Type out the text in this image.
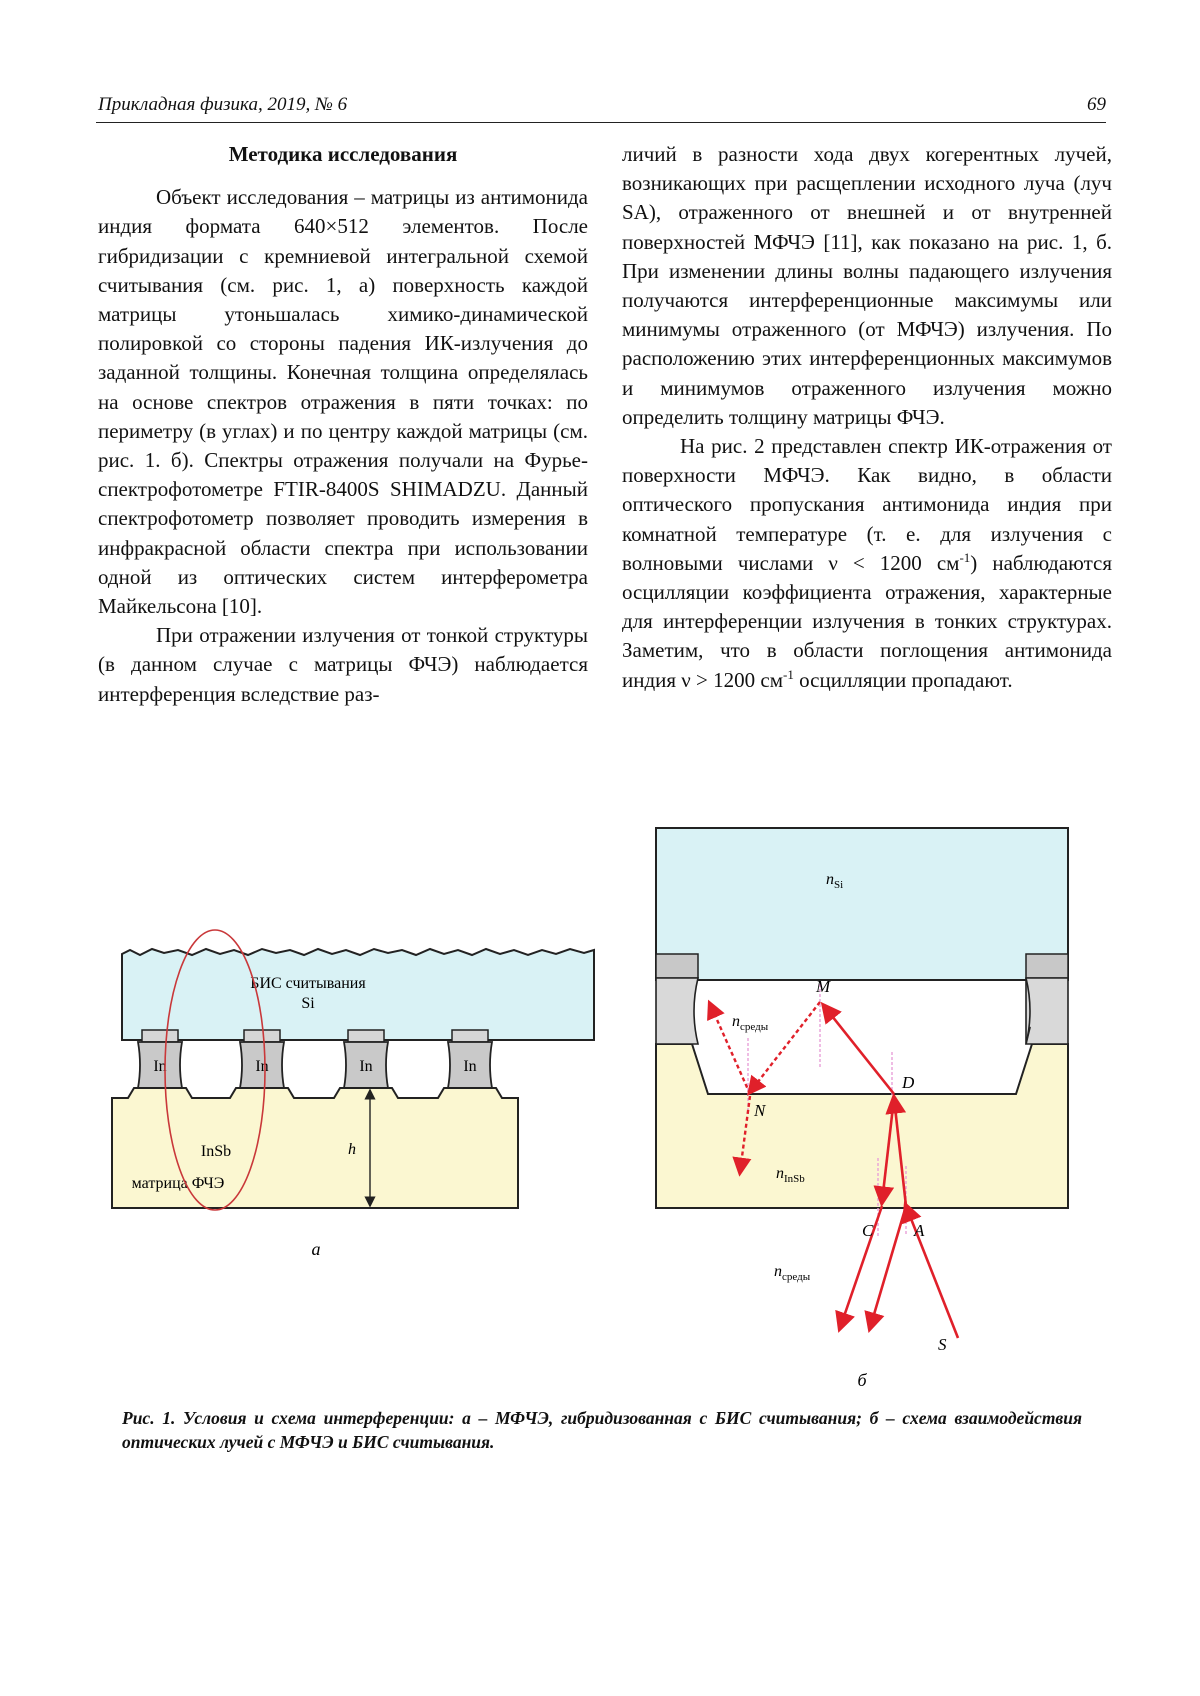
Прикладная физика, 2019, № 6	69
Методика исследования

Объект исследования – матрицы из антимонида индия формата 640×512 элементов. После гибридизации с кремниевой интегральной схемой считывания (см. рис. 1, а) поверхность каждой матрицы утоньшалась химико-динамической полировкой со стороны падения ИК-излучения до заданной толщины. Конечная толщина определялась на основе спектров отражения в пяти точках: по периметру (в углах) и по центру каждой матрицы (см. рис. 1. б). Спектры отражения получали на Фурье-спектрофотометре FTIR-8400S SHIMADZU. Данный спектрофотометр позволяет проводить измерения в инфракрасной области спектра при использовании одной из оптических систем интерферометра Майкельсона [10].

При отражении излучения от тонкой структуры (в данном случае с матрицы ФЧЭ) наблюдается интерференция вследствие раз-

личий в разности хода двух когерентных лучей, возникающих при расщеплении исходного луча (луч SA), отраженного от внешней и от внутренней поверхностей МФЧЭ [11], как показано на рис. 1, б. При изменении длины волны падающего излучения получаются интерференционные максимумы или минимумы отраженного (от МФЧЭ) излучения. По расположению этих интерференционных максимумов и минимумов отраженного излучения можно определить толщину матрицы ФЧЭ.

На рис. 2 представлен спектр ИК-отражения от поверхности МФЧЭ. Как видно, в области оптического пропускания антимонида индия при комнатной температуре (т. е. для излучения с волновыми числами ν < 1200 см-1) наблюдаются осцилляции коэффициента отражения, характерные для интерференции излучения в тонких структурах. Заметим, что в области поглощения антимонида индия ν > 1200 см-1 осцилляции пропадают.

In	In	In	In
БИС считывания
Si
InSb
матрица ФЧЭ
h
а
nSi
nсреды
nInSb
nсреды
M
N
D
C A
S
б
Рис. 1. Условия и схема интерференции: а – МФЧЭ, гибридизованная с БИС считывания; б – схема взаимодействия оптических лучей с МФЧЭ и БИС считывания.
